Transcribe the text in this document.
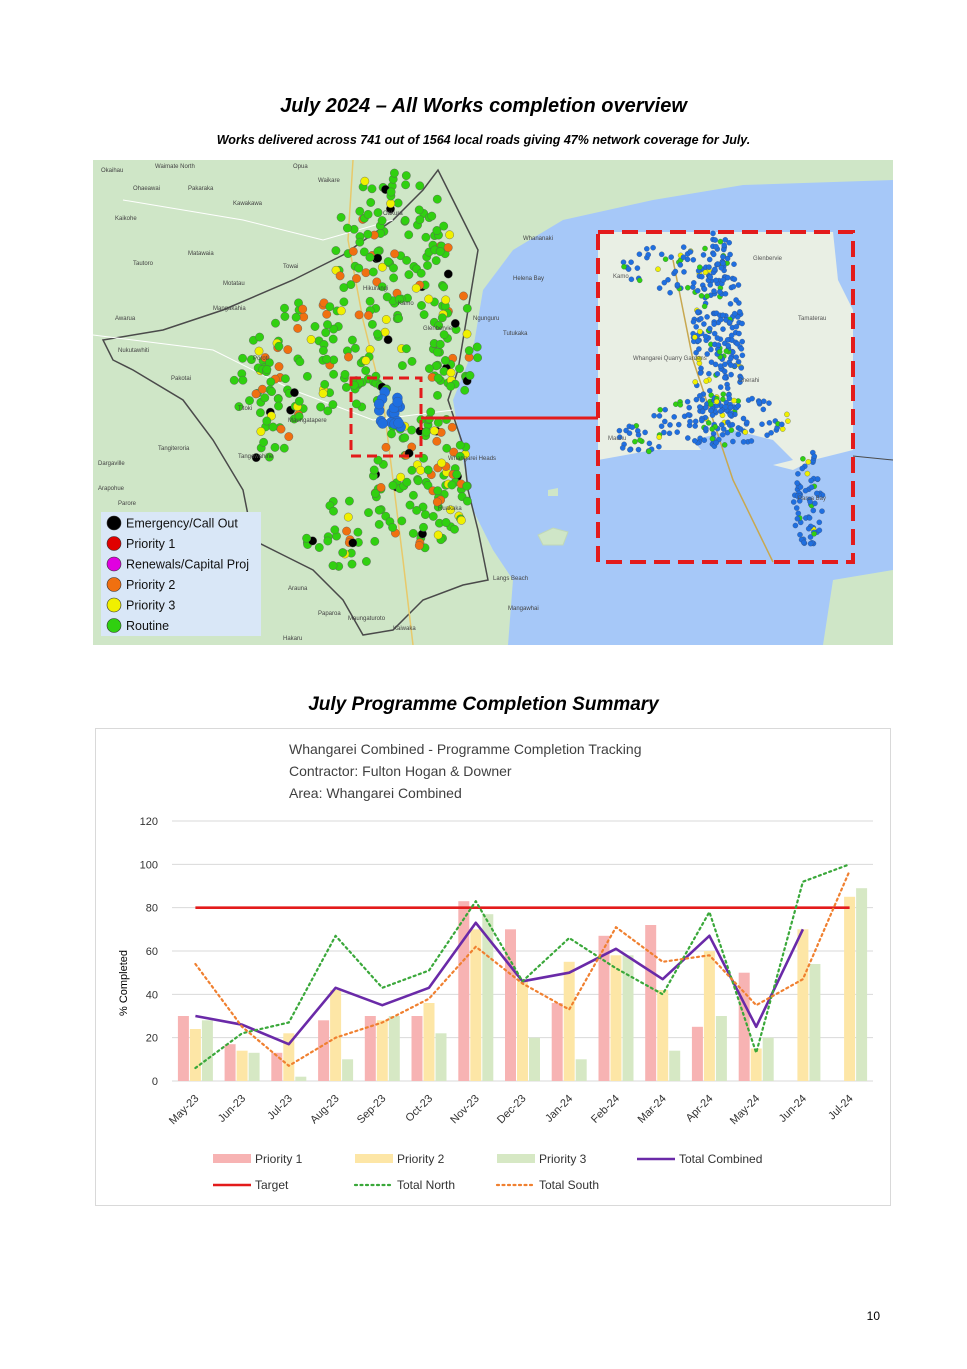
July 2024 – All Works completion overview
Works delivered across 741 out of 1564 local roads giving 47% network coverage for July.
Glenbervie
Kamo
Whangarei Quarry Gardens
Onerahi
Tamaterau
Parua Bay
Maunu
Okaihau
Waimate North
Ohaeawai	Pakaraka
Kawakawa
Waikare
Opua
Kaikohe
Matawaia
Tautoro
Motatau
Towai
Awarua
Nukutawhiti
Pakotai
Titoki
Maungatapere
Tangiteroria
Tangowahine
Dargaville
Parore
Arapohue
Arauna
Paparoa
Maungaturoto
Hakaru
Mangawhai
Langs Beach
Glenbervie
Whangarei Heads
Ruakaka
Oakura
Whananaki
Helena Bay
Hikurangi
Kamo
Ngunguru
Tutukaka
Poroti
Mangakahia
Kaiwaka
Emergency/Call Out
Priority 1
Renewals/Capital Proj
Priority 2
Priority 3
Routine
July Programme Completion Summary
Whangarei Combined - Programme Completion Tracking
Contractor: Fulton Hogan & Downer
Area: Whangarei Combined
% Completed
0
20
40
60
80
100
120
May-23 Jun-23 Jul-23 Aug-23 Sep-23 Oct-23 Nov-23 Dec-23 Jan-24 Feb-24 Mar-24 Apr-24 May-24 Jun-24 Jul-24
Priority 1	Priority 2	Priority 3	Total Combined
Target	Total North	Total South
10
